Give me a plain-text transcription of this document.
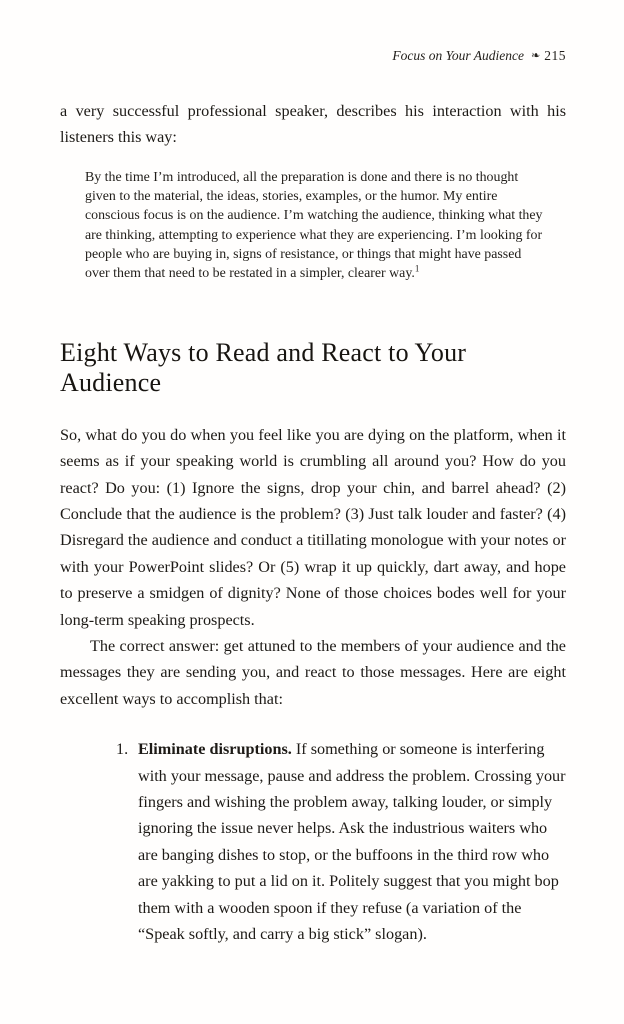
Focus on Your Audience ❧ 215

a very successful professional speaker, describes his interaction with his listeners this way:

By the time I’m introduced, all the preparation is done and there is no thought given to the material, the ideas, stories, examples, or the humor. My entire conscious focus is on the audience. I’m watching the audience, thinking what they are thinking, attempting to experience what they are experiencing. I’m looking for people who are buying in, signs of resistance, or things that might have passed over them that need to be restated in a simpler, clearer way.$^1$
Eight Ways to Read and React to Your Audience

So, what do you do when you feel like you are dying on the platform, when it seems as if your speaking world is crumbling all around you? How do you react? Do you: (1) Ignore the signs, drop your chin, and barrel ahead? (2) Conclude that the audience is the problem? (3) Just talk louder and faster? (4) Disregard the audience and conduct a titillating monologue with your notes or with your PowerPoint slides? Or (5) wrap it up quickly, dart away, and hope to preserve a smidgen of dignity? None of those choices bodes well for your long-term speaking prospects.

The correct answer: get attuned to the members of your audience and the messages they are sending you, and react to those messages. Here are eight excellent ways to accomplish that:

1. Eliminate disruptions. If something or someone is interfering with your message, pause and address the problem. Crossing your fingers and wishing the problem away, talking louder, or simply ignoring the issue never helps. Ask the industrious waiters who are banging dishes to stop, or the buffoons in the third row who are yakking to put a lid on it. Politely suggest that you might bop them with a wooden spoon if they refuse (a variation of the “Speak softly, and carry a big stick” slogan).
